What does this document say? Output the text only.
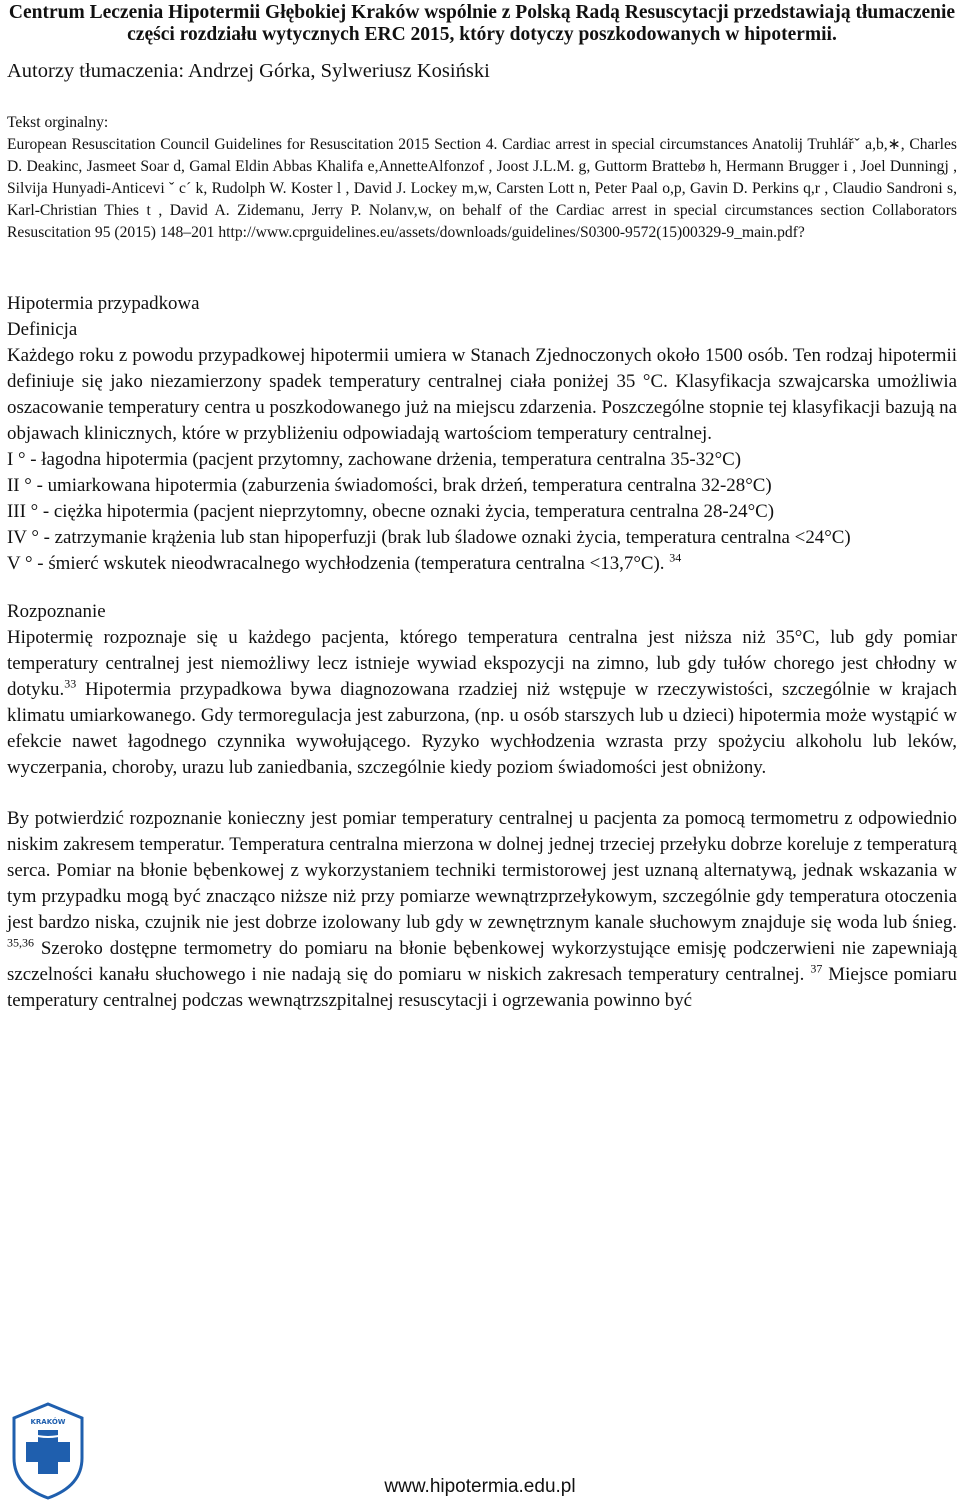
Centrum Leczenia Hipotermii Głębokiej Kraków wspólnie z Polską Radą Resuscytacji przedstawiają tłumaczenie części rozdziału wytycznych ERC 2015, który dotyczy poszkodowanych w hipotermii.
Autorzy tłumaczenia: Andrzej Górka, Sylweriusz Kosiński
Tekst orginalny:
European Resuscitation Council Guidelines for Resuscitation 2015 Section 4. Cardiac arrest in special circumstances Anatolij Truhlářˇ a,b,∗, Charles D. Deakinc, Jasmeet Soar d, Gamal Eldin Abbas Khalifa e,AnnetteAlfonzof , Joost J.L.M. g, Guttorm Brattebø h, Hermann Brugger i , Joel Dunningj , Silvija Hunyadi-Anticevi ˇ c´ k, Rudolph W. Koster l , David J. Lockey m,w, Carsten Lott n, Peter Paal o,p, Gavin D. Perkins q,r , Claudio Sandroni s, Karl-Christian Thies t , David A. Zidemanu, Jerry P. Nolanv,w, on behalf of the Cardiac arrest in special circumstances section Collaborators Resuscitation 95 (2015) 148–201 http://www.cprguidelines.eu/assets/downloads/guidelines/S0300-9572(15)00329-9_main.pdf?
Hipotermia przypadkowa
Definicja
Każdego roku z powodu przypadkowej hipotermii umiera w Stanach Zjednoczonych około 1500 osób. Ten rodzaj hipotermii definiuje się jako niezamierzony spadek temperatury centralnej ciała poniżej 35 °C. Klasyfikacja szwajcarska umożliwia oszacowanie temperatury centra u poszkodowanego już na miejscu zdarzenia. Poszczególne stopnie tej klasyfikacji bazują na objawach klinicznych, które w przybliżeniu odpowiadają wartościom temperatury centralnej.
I ° - łagodna hipotermia (pacjent przytomny, zachowane drżenia, temperatura centralna 35-32°C)
II ° - umiarkowana hipotermia (zaburzenia świadomości, brak drżeń, temperatura centralna 32-28°C)
III ° - ciężka hipotermia (pacjent nieprzytomny, obecne oznaki życia, temperatura centralna 28-24°C)
IV ° - zatrzymanie krążenia lub stan hipoperfuzji (brak lub śladowe oznaki życia, temperatura centralna <24°C)
V ° - śmierć wskutek nieodwracalnego wychłodzenia (temperatura centralna <13,7°C). $^{34}$
Rozpoznanie
Hipotermię rozpoznaje się u każdego pacjenta, którego temperatura centralna jest niższa niż 35°C, lub gdy pomiar temperatury centralnej jest niemożliwy lecz istnieje wywiad ekspozycji na zimno, lub gdy tułów chorego jest chłodny w dotyku.$^{33}$ Hipotermia przypadkowa bywa diagnozowana rzadziej niż wstępuje w rzeczywistości, szczególnie w krajach klimatu umiarkowanego. Gdy termoregulacja jest zaburzona, (np. u osób starszych lub u dzieci) hipotermia może wystąpić w efekcie nawet łagodnego czynnika wywołującego. Ryzyko wychłodzenia wzrasta przy spożyciu alkoholu lub leków, wyczerpania, choroby, urazu lub zaniedbania, szczególnie kiedy poziom świadomości jest obniżony.
By potwierdzić rozpoznanie konieczny jest pomiar temperatury centralnej u pacjenta za pomocą termometru z odpowiednio niskim zakresem temperatur. Temperatura centralna mierzona w dolnej jednej trzeciej przełyku dobrze koreluje z temperaturą serca. Pomiar na błonie bębenkowej z wykorzystaniem techniki termistorowej jest uznaną alternatywą, jednak wskazania w tym przypadku mogą być znacząco niższe niż przy pomiarze wewnątrzprzełykowym, szczególnie gdy temperatura otoczenia jest bardzo niska, czujnik nie jest dobrze izolowany lub gdy w zewnętrznym kanale słuchowym znajduje się woda lub śnieg. $^{35,36}$ Szeroko dostępne termometry do pomiaru na błonie bębenkowej wykorzystujące emisję podczerwieni nie zapewniają szczelności kanału słuchowego i nie nadają się do pomiaru w niskich zakresach temperatury centralnej. $^{37}$ Miejsce pomiaru temperatury centralnej podczas wewnątrzszpitalnej resuscytacji i ogrzewania powinno być
KRAKÓW
www.hipotermia.edu.pl
